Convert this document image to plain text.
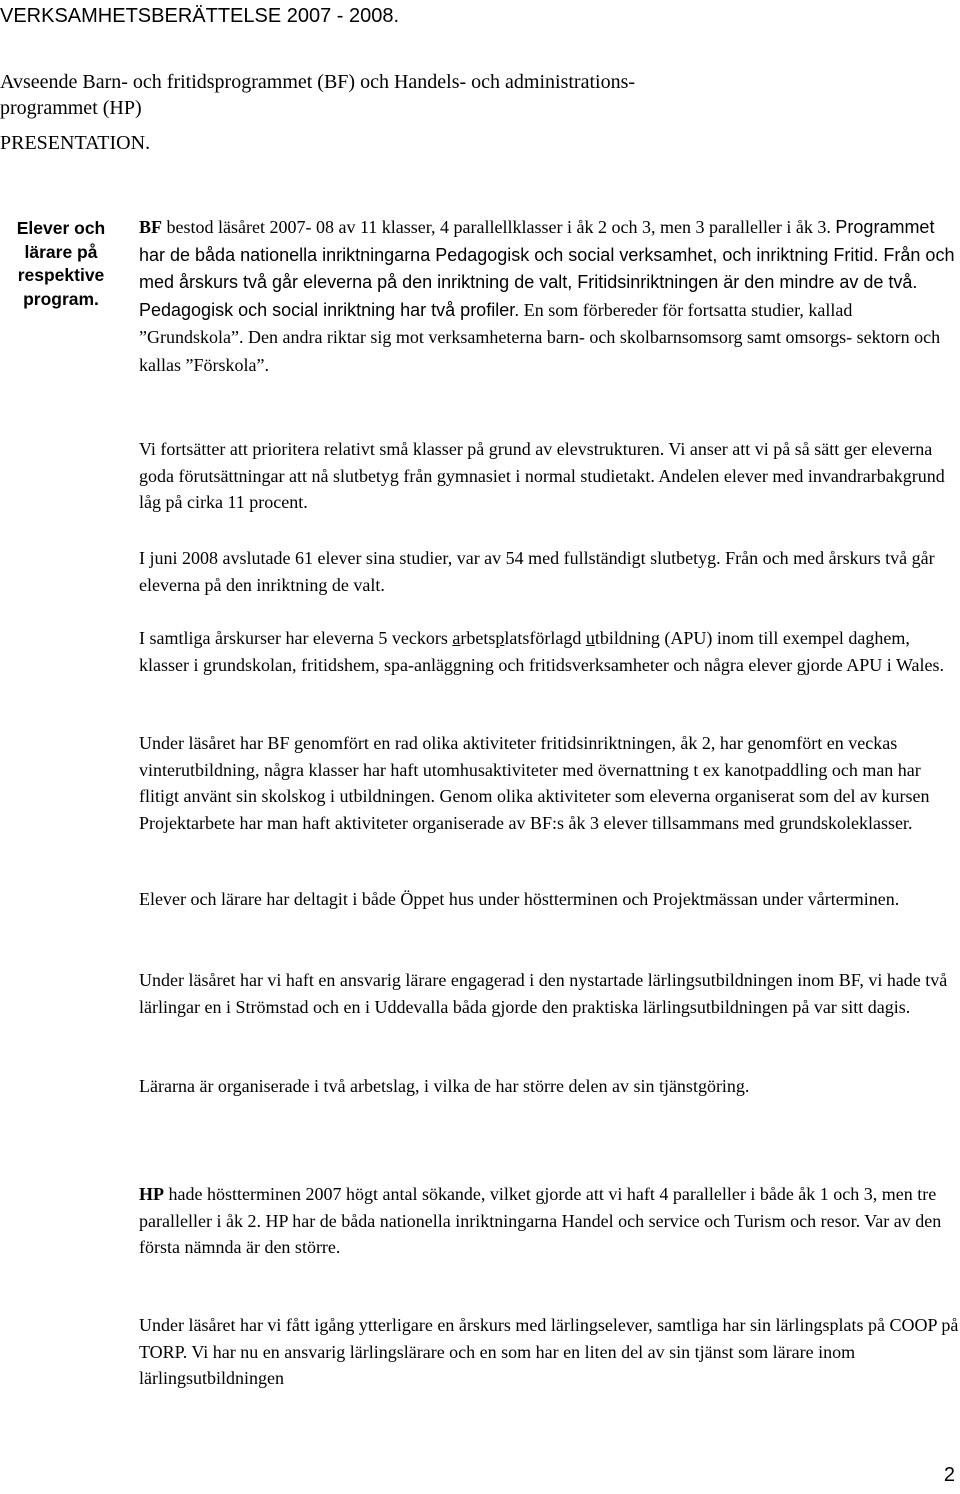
VERKSAMHETSBERÄTTELSE 2007 - 2008.
Avseende Barn- och fritidsprogrammet (BF) och Handels- och administrations-
programmet (HP)
PRESENTATION.
Elever och
lärare på
respektive
program.
BF bestod läsåret 2007- 08 av 11 klasser, 4 parallellklasser i åk 2 och 3, men 3 paralleller i åk 3. Programmet har de båda nationella inriktningarna Pedagogisk och social verksamhet, och inriktning Fritid. Från och med årskurs två går eleverna på den inriktning de valt, Fritidsinriktningen är den mindre av de två. Pedagogisk och social inriktning har två profiler. En som förbereder för fortsatta studier, kallad ”Grundskola”. Den andra riktar sig mot verksamheterna barn- och skolbarnsomsorg samt omsorgs- sektorn och kallas ”Förskola”.
Vi fortsätter att prioritera relativt små klasser på grund av elevstrukturen. Vi anser att vi på så sätt ger eleverna goda förutsättningar att nå slutbetyg från gymnasiet i normal studietakt. Andelen elever med invandrarbakgrund låg på cirka 11 procent.
I juni 2008 avslutade 61 elever sina studier, var av 54 med fullständigt slutbetyg. Från och med årskurs två går eleverna på den inriktning de valt.
I samtliga årskurser har eleverna 5 veckors arbetsplatsförlagd utbildning (APU) inom till exempel daghem, klasser i grundskolan, fritidshem, spa-anläggning och fritidsverksamheter och några elever gjorde APU i Wales.
Under läsåret har BF genomfört en rad olika aktiviteter fritidsinriktningen, åk 2, har genomfört en veckas vinterutbildning, några klasser har haft utomhusaktiviteter med övernattning t ex kanotpaddling och man har flitigt använt sin skolskog i utbildningen. Genom olika aktiviteter som eleverna organiserat som del av kursen Projektarbete har man haft aktiviteter organiserade av BF:s åk 3 elever tillsammans med grundskoleklasser.
Elever och lärare har deltagit i både Öppet hus under höstterminen och Projektmässan under vårterminen.
Under läsåret har vi haft en ansvarig lärare engagerad i den nystartade lärlingsutbildningen inom BF, vi hade två lärlingar en i Strömstad och en i Uddevalla båda gjorde den praktiska lärlingsutbildningen på var sitt dagis.
Lärarna är organiserade i två arbetslag, i vilka de har större delen av sin tjänstgöring.
HP hade höstterminen 2007 högt antal sökande, vilket gjorde att vi haft 4 paralleller i både åk 1 och 3, men tre paralleller i åk 2. HP har de båda nationella inriktningarna Handel och service och Turism och resor. Var av den första nämnda är den större.
Under läsåret har vi fått igång ytterligare en årskurs med lärlingselever, samtliga har sin lärlingsplats på COOP på TORP. Vi har nu en ansvarig lärlingslärare och en som har en liten del av sin tjänst som lärare inom lärlingsutbildningen
2
